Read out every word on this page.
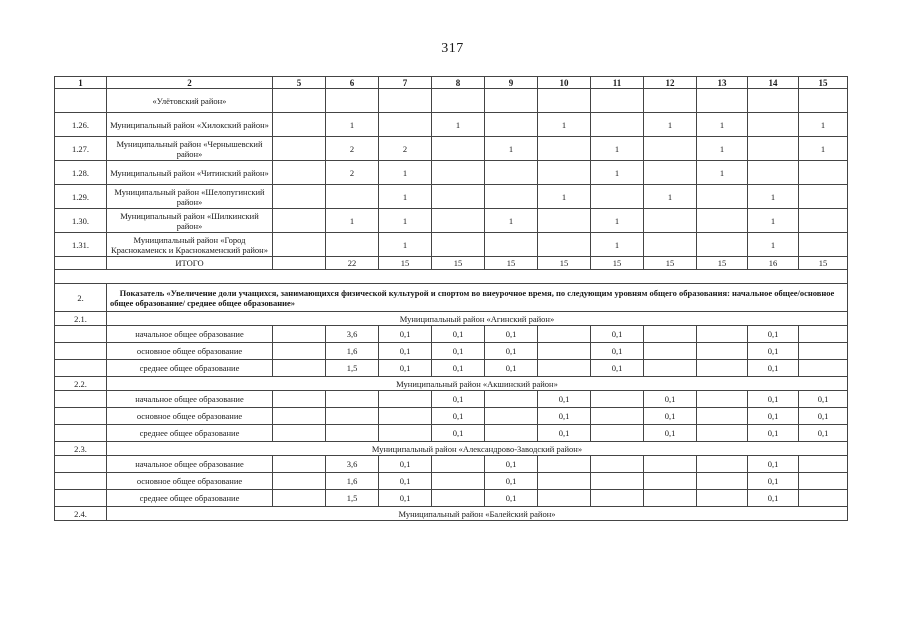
317
1	2	5	6	7	8	9	10	11	12	13	14	15	
	«Улётовский район»												
1.26.	Муниципальный район «Хилокский район»		1		1		1		1	1		1	
1.27.	Муниципальный район «Чернышевский район»		2	2		1		1		1		1	
1.28.	Муниципальный район «Читинский район»		2	1				1		1			
1.29.	Муниципальный район «Шелопугинский район»			1			1		1		1		
1.30.	Муниципальный район «Шилкинский район»		1	1		1		1			1		
1.31.	Муниципальный район «Город Краснокаменск и Краснокаменский район»			1				1			1		
	ИТОГО		22	15	15	15	15	15	15	15	16	15	

2.	Показатель «Увеличение доли учащихся, занимающихся физической культурой и спортом во внеурочное время, по следующим уровням общего образования: начальное общее/основное общее образование/ среднее общее образование»												
2.1.	Муниципальный район «Агинский район»												
	начальное общее образование		3,6	0,1	0,1	0,1		0,1			0,1		
	основное общее образование		1,6	0,1	0,1	0,1		0,1			0,1		
	среднее общее образование		1,5	0,1	0,1	0,1		0,1			0,1		
2.2.	Муниципальный район «Акшинский район»												
	начальное общее образование				0,1		0,1		0,1		0,1	0,1	
	основное общее образование				0,1		0,1		0,1		0,1	0,1	
	среднее общее образование				0,1		0,1		0,1		0,1	0,1	
2.3.	Муниципальный район «Александрово-Заводский район»												
	начальное общее образование		3,6	0,1		0,1					0,1		
	основное общее образование		1,6	0,1		0,1					0,1		
	среднее общее образование		1,5	0,1		0,1					0,1		
2.4.	Муниципальный район «Балейский район»												
